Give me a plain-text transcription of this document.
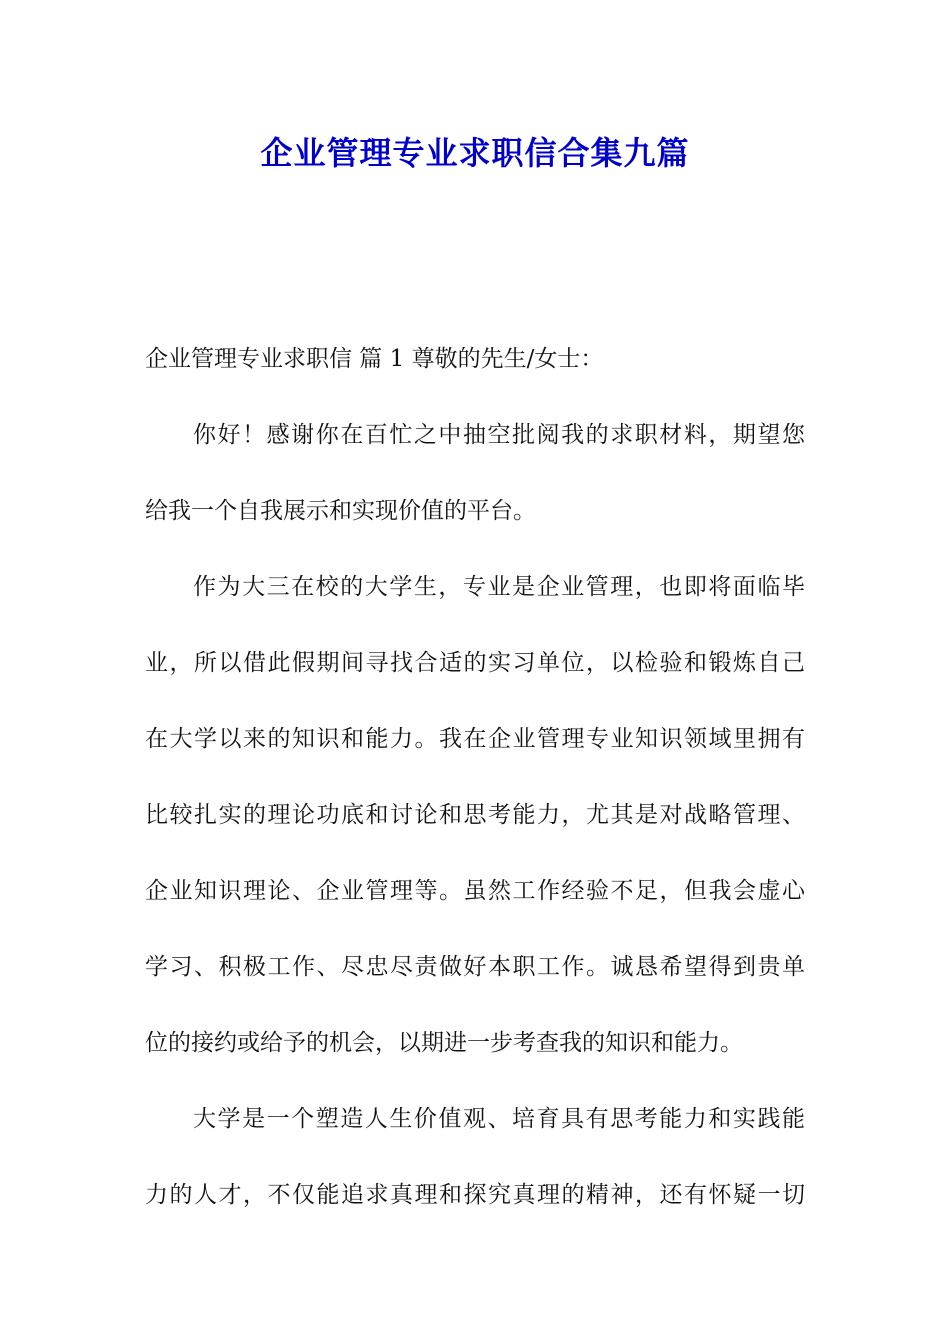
企业管理专业求职信合集九篇
企业管理专业求职信 篇 1 尊敬的先生/女士：
你好！感谢你在百忙之中抽空批阅我的求职材料，期望您
给我一个自我展示和实现价值的平台。
作为大三在校的大学生，专业是企业管理，也即将面临毕
业，所以借此假期间寻找合适的实习单位，以检验和锻炼自己
在大学以来的知识和能力。我在企业管理专业知识领域里拥有
比较扎实的理论功底和讨论和思考能力，尤其是对战略管理、
企业知识理论、企业管理等。虽然工作经验不足，但我会虚心
学习、积极工作、尽忠尽责做好本职工作。诚恳希望得到贵单
位的接约或给予的机会，以期进一步考查我的知识和能力。
大学是一个塑造人生价值观、培育具有思考能力和实践能
力的人才，不仅能追求真理和探究真理的精神，还有怀疑一切
